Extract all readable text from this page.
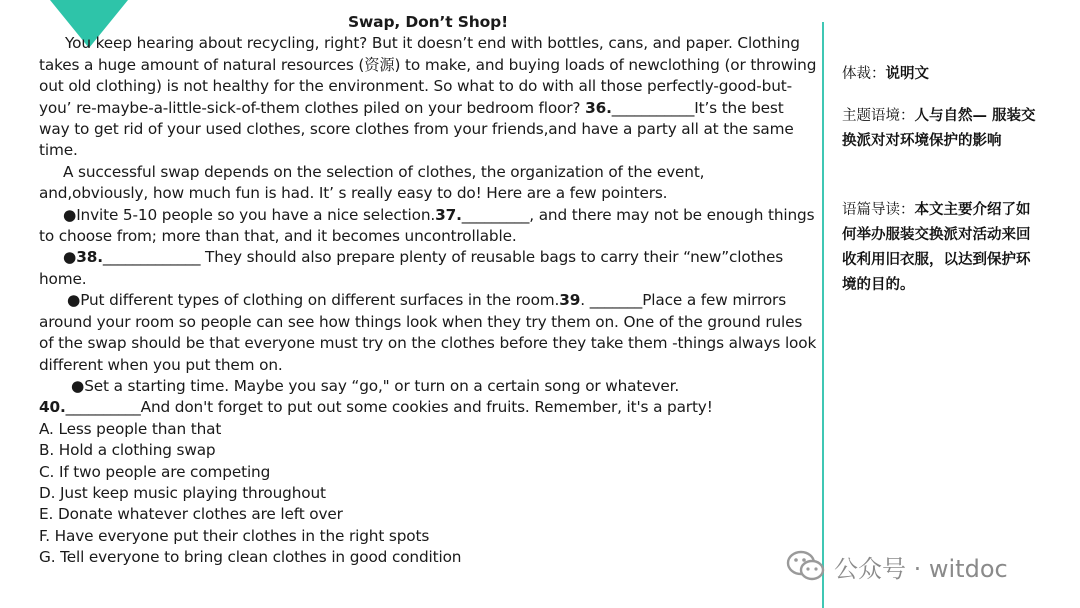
Swap, Don’t Shop!
You keep hearing about recycling, right? But it doesn’t end with bottles, cans, and paper. Clothing takes a huge amount of natural resources (资源) to make, and buying loads of newclothing (or throwing out old clothing) is not healthy for the environment. So what to do with all those perfectly-good-but-you’ re-maybe-a-little-sick-of-them clothes piled on your bedroom floor? 36.___________It’s the best way to get rid of your used clothes, score clothes from your friends,and have a party all at the same time.
A successful swap depends on the selection of clothes, the organization of the event, and,obviously, how much fun is had. It’ s really easy to do! Here are a few pointers.
●Invite 5-10 people so you have a nice selection.37._________, and there may not be enough things to choose from; more than that, and it becomes uncontrollable.
●38._____________ They should also prepare plenty of reusable bags to carry their “new”clothes home.
●Put different types of clothing on different surfaces in the room.39. _______Place a few mirrors around your room so people can see how things look when they try them on. One of the ground rules of the swap should be that everyone must try on the clothes before they take them -things always look different when you put them on.
●Set a starting time. Maybe you say “go," or turn on a certain song or whatever.
40.__________And don't forget to put out some cookies and fruits. Remember, it's a party!
A. Less people than that
B. Hold a clothing swap
C. If two people are competing
D. Just keep music playing throughout
E. Donate whatever clothes are left over
F. Have everyone put their clothes in the right spots
G. Tell everyone to bring clean clothes in good condition

体裁：说明文

主题语境：人与自然— 服装交换派对对环境保护的影响

语篇导读：本文主要介绍了如何举办服装交换派对活动来回收利用旧衣服，以达到保护环境的目的。

公众号 · witdoc
